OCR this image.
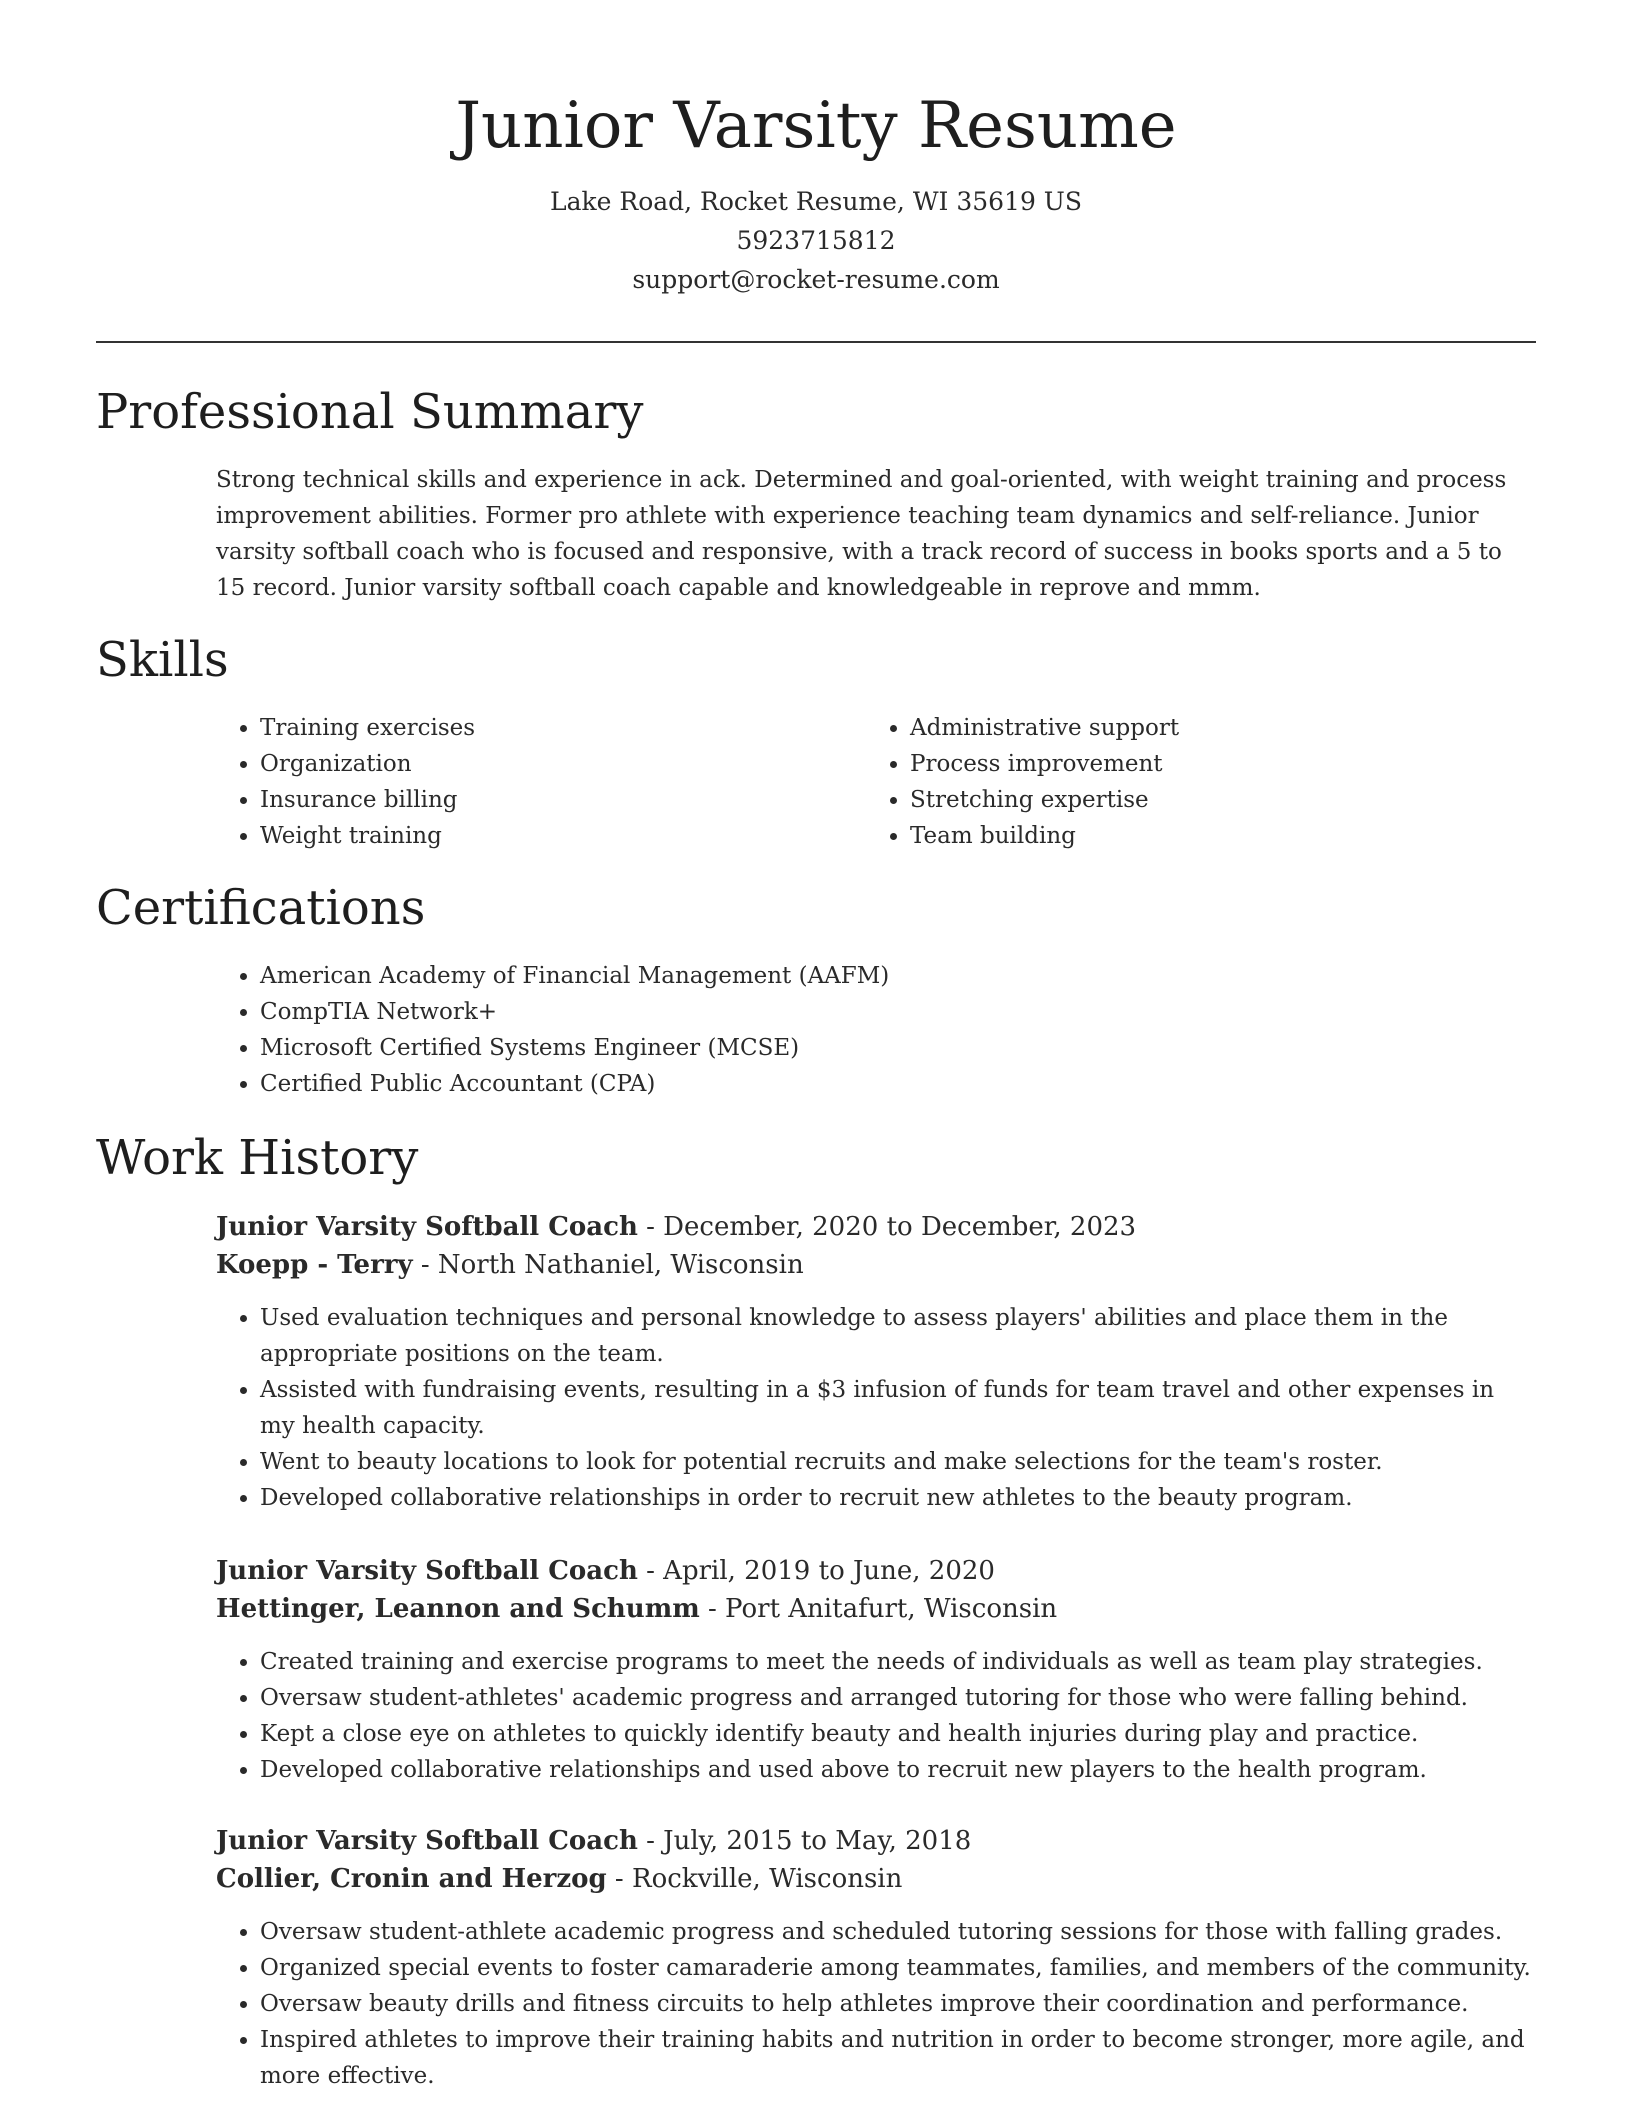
Junior Varsity Resume
Lake Road, Rocket Resume, WI 35619 US
5923715812
support@rocket-resume.com
Professional Summary

Strong technical skills and experience in ack. Determined and goal-oriented, with weight training and process improvement abilities. Former pro athlete with experience teaching team dynamics and self-reliance. Junior varsity softball coach who is focused and responsive, with a track record of success in books sports and a 5 to 15 record. Junior varsity softball coach capable and knowledgeable in reprove and mmm.

Skills
• Training exercises
• Organization
• Insurance billing
• Weight training
• Administrative support
• Process improvement
• Stretching expertise
• Team building
Certifications
• American Academy of Financial Management (AAFM)
• CompTIA Network+
• Microsoft Certified Systems Engineer (MCSE)
• Certified Public Accountant (CPA)
Work History
Junior Varsity Softball Coach - December, 2020 to December, 2023
Koepp - Terry - North Nathaniel, Wisconsin
• Used evaluation techniques and personal knowledge to assess players' abilities and place them in the appropriate positions on the team.
• Assisted with fundraising events, resulting in a $3 infusion of funds for team travel and other expenses in my health capacity.
• Went to beauty locations to look for potential recruits and make selections for the team's roster.
• Developed collaborative relationships in order to recruit new athletes to the beauty program.
Junior Varsity Softball Coach - April, 2019 to June, 2020
Hettinger, Leannon and Schumm - Port Anitafurt, Wisconsin
• Created training and exercise programs to meet the needs of individuals as well as team play strategies.
• Oversaw student-athletes' academic progress and arranged tutoring for those who were falling behind.
• Kept a close eye on athletes to quickly identify beauty and health injuries during play and practice.
• Developed collaborative relationships and used above to recruit new players to the health program.
Junior Varsity Softball Coach - July, 2015 to May, 2018
Collier, Cronin and Herzog - Rockville, Wisconsin
• Oversaw student-athlete academic progress and scheduled tutoring sessions for those with falling grades.
• Organized special events to foster camaraderie among teammates, families, and members of the community.
• Oversaw beauty drills and fitness circuits to help athletes improve their coordination and performance.
• Inspired athletes to improve their training habits and nutrition in order to become stronger, more agile, and more effective.
